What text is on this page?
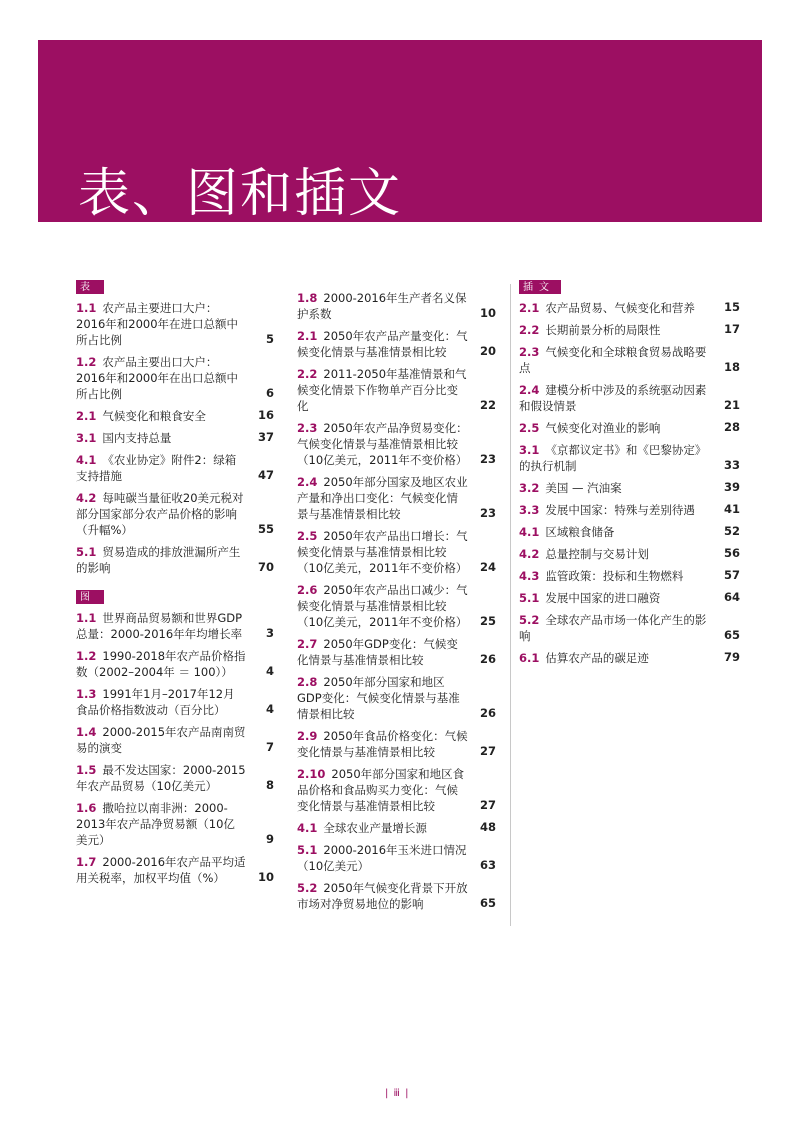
表、图和插文
表
1.1 农产品主要进口大户：2016年和2000年在进口总额中所占比例	5
1.2 农产品主要出口大户：2016年和2000年在出口总额中所占比例	6
2.1 气候变化和粮食安全	16
3.1 国内支持总量	37
4.1 《农业协定》附件2：绿箱支持措施	47
4.2 每吨碳当量征收20美元税对部分国家部分农产品价格的影响（升幅%）	55
5.1 贸易造成的排放泄漏所产生的影响	70
图
1.1 世界商品贸易额和世界GDP总量：2000-2016年年均增长率 3
1.2 1990-2018年农产品价格指数（2002–2004年 ＝ 100））	4
1.3 1991年1月–2017年12月食品价格指数波动（百分比）	4
1.4 2000-2015年农产品南南贸易的演变	7
1.5 最不发达国家：2000-2015年农产品贸易（10亿美元）	8
1.6 撒哈拉以南非洲：2000-2013年农产品净贸易额（10亿美元）	9
1.7 2000-2016年农产品平均适用关税率，加权平均值（%）	10
1.8 2000-2016年生产者名义保护系数	10
2.1 2050年农产品产量变化：气候变化情景与基准情景相比较	20
2.2 2011-2050年基准情景和气候变化情景下作物单产百分比变化	22
2.3 2050年农产品净贸易变化：气候变化情景与基准情景相比较（10亿美元，2011年不变价格） 23
2.4 2050年部分国家及地区农业产量和净出口变化：气候变化情景与基准情景相比较	23
2.5 2050年农产品出口增长：气候变化情景与基准情景相比较（10亿美元，2011年不变价格） 24
2.6 2050年农产品出口减少：气候变化情景与基准情景相比较（10亿美元，2011年不变价格） 25
2.7 2050年GDP变化：气候变化情景与基准情景相比较	26
2.8 2050年部分国家和地区GDP变化：气候变化情景与基准情景相比较	26
2.9 2050年食品价格变化：气候变化情景与基准情景相比较	27
2.10 2050年部分国家和地区食品价格和食品购买力变化：气候变化情景与基准情景相比较	27
4.1 全球农业产量增长源	48
5.1 2000-2016年玉米进口情况（10亿美元）	63
5.2 2050年气候变化背景下开放市场对净贸易地位的影响	65
插文
2.1 农产品贸易、气候变化和营养	15
2.2 长期前景分析的局限性	17
2.3 气候变化和全球粮食贸易战略要点	18
2.4 建模分析中涉及的系统驱动因素和假设情景	21
2.5 气候变化对渔业的影响	28
3.1 《京都议定书》和《巴黎协定》的执行机制	33
3.2 美国 — 汽油案	39
3.3 发展中国家：特殊与差别待遇	41
4.1 区域粮食储备	52
4.2 总量控制与交易计划	56
4.3 监管政策：投标和生物燃料	57
5.1 发展中国家的进口融资	64
5.2 全球农产品市场一体化产生的影响	65
6.1 估算农产品的碳足迹	79
| ⅲ |
